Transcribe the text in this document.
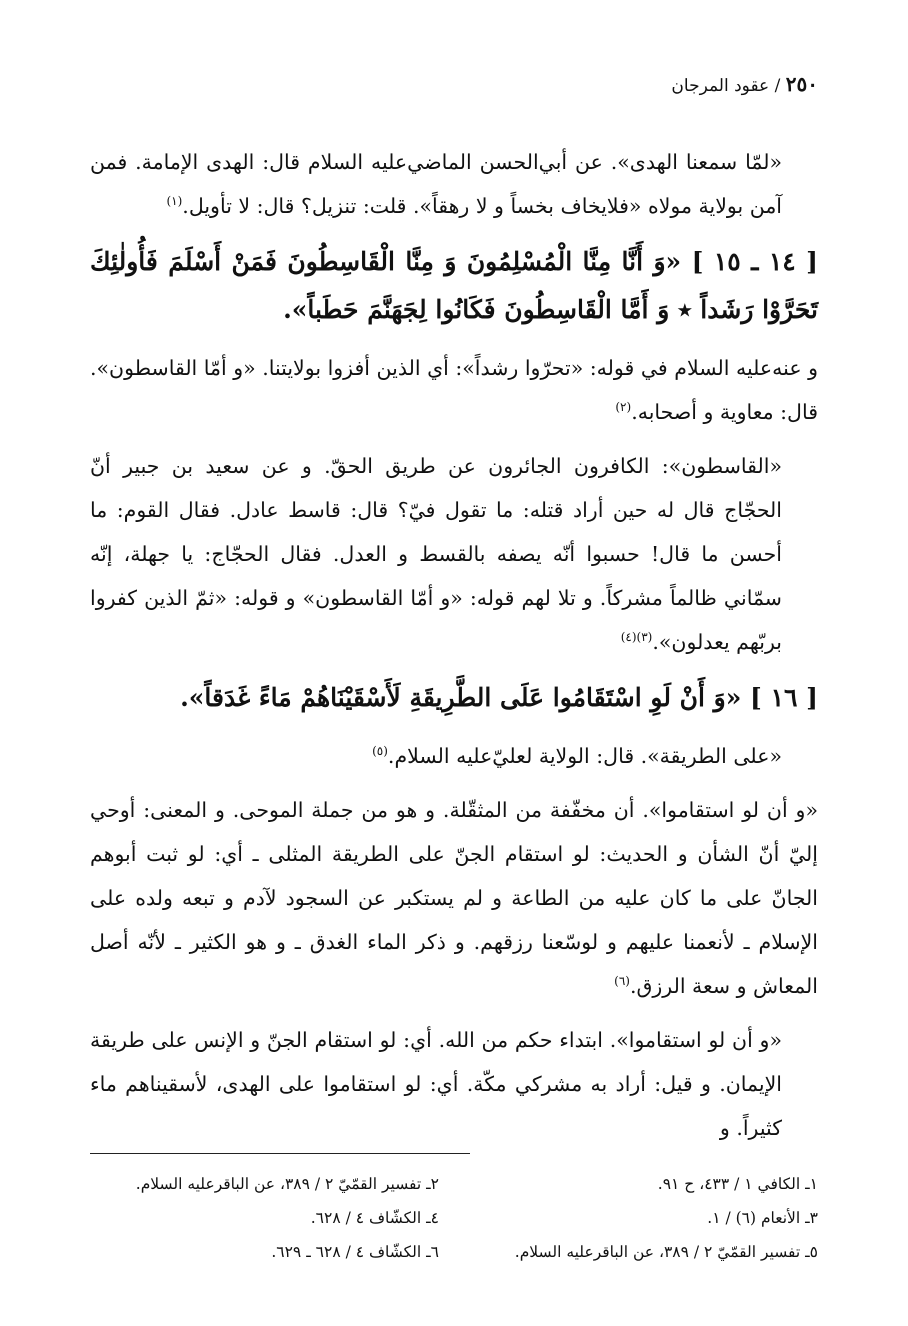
٢٥٠ / عقود المرجان

«لمّا سمعنا الهدى». عن أبي‌الحسن الماضي‌عليه السلام قال: الهدى الإمامة. فمن آمن بولاية مولاه «فلايخاف بخساً و لا رهقاً». قلت: تنزيل؟ قال: لا تأويل.$^{(١)}$

[ ١٤ ـ ١٥ ] «وَ أَنَّا مِنَّا الْمُسْلِمُونَ وَ مِنَّا الْقَاسِطُونَ فَمَنْ أَسْلَمَ فَأُولٰئِكَ تَحَرَّوْا رَشَداً ٭ وَ أَمَّا الْقَاسِطُونَ فَكَانُوا لِجَهَنَّمَ حَطَباً».

و عنه‌عليه السلام في قوله: «تحرّوا رشداً»: أي الذين أفزوا بولايتنا. «و أمّا القاسطون». قال: معاوية و أصحابه.$^{(٢)}$

«القاسطون»: الكافرون الجائرون عن طريق الحقّ. و عن سعيد بن جبير أنّ الحجّاج قال له حين أراد قتله: ما تقول فيّ؟ قال: قاسط عادل. فقال القوم: ما أحسن ما قال! حسبوا أنّه يصفه بالقسط و العدل. فقال الحجّاج: يا جهلة، إنّه سمّاني ظالماً مشركاً. و تلا لهم قوله: «و أمّا القاسطون» و قوله: «ثمّ الذين كفروا بربّهم يعدلون».$^{(٣)(٤)}$

[ ١٦ ] «وَ أَنْ لَوِ اسْتَقَامُوا عَلَى الطَّرِيقَةِ لَأَسْقَيْنَاهُمْ مَاءً غَدَقاً».

«على الطريقة». قال: الولاية لعليّ‌عليه السلام.$^{(٥)}$

«و أن لو استقاموا». أن مخفّفة من المثقّلة. و هو من جملة الموحى. و المعنى: أوحي إليّ أنّ الشأن و الحديث: لو استقام الجنّ على الطريقة المثلى ـ أي: لو ثبت أبوهم الجانّ على ما كان عليه من الطاعة و لم يستكبر عن السجود لآدم و تبعه ولده على الإسلام ـ لأنعمنا عليهم و لوسّعنا رزقهم. و ذكر الماء الغدق ـ و هو الكثير ـ لأنّه أصل المعاش و سعة الرزق.$^{(٦)}$

«و أن لو استقاموا». ابتداء حكم من الله. أي: لو استقام الجنّ و الإنس على طريقة الإيمان. و قيل: أراد به مشركي مكّة. أي: لو استقاموا على الهدى، لأسقيناهم ماء كثيراً. و

١ـ الكافي ١ / ٤٣٣، ح ٩١.
٢ـ تفسير القمّيّ ٢ / ٣٨٩، عن الباقرعليه السلام.
٣ـ الأنعام (٦) / ١.
٤ـ الكشّاف ٤ / ٦٢٨.
٥ـ تفسير القمّيّ ٢ / ٣٨٩، عن الباقرعليه السلام.
٦ـ الكشّاف ٤ / ٦٢٨ ـ ٦٢٩.
